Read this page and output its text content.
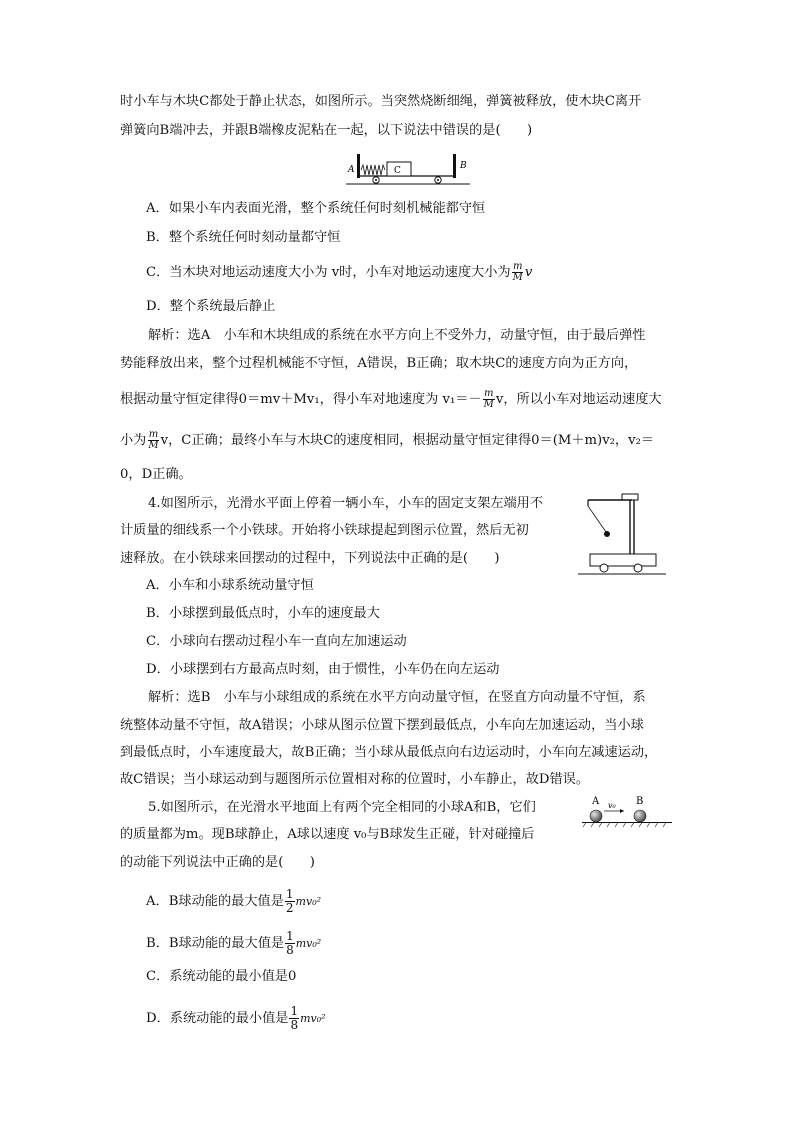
时小车与木块C都处于静止状态，如图所示。当突然烧断细绳，弹簧被释放，使木块C离开
弹簧向B端冲去，并跟B端橡皮泥粘在一起，以下说法中错误的是(　　)
A	C	B
A．如果小车内表面光滑，整个系统任何时刻机械能都守恒
B．整个系统任何时刻动量都守恒
C．当木块对地运动速度大小为 v时，小车对地运动速度大小为 $\frac{m}{M}$ v
D．整个系统最后静止
解析：选A　小车和木块组成的系统在水平方向上不受外力，动量守恒，由于最后弹性
势能释放出来，整个过程机械能不守恒，A错误，B正确；取木块C的速度方向为正方向，
根据动量守恒定律得0＝mv＋Mv₁，得小车对地速度为 $v_1=- \frac{m}{M}$ v，所以小车对地运动速度大
小为 $\frac{m}{M}$ v，C正确；最终小车与木块C的速度相同，根据动量守恒定律得0＝(M＋m)v₂，v₂＝
0，D正确。
4.如图所示，光滑水平面上停着一辆小车，小车的固定支架左端用不
计质量的细线系一个小铁球。开始将小铁球提起到图示位置，然后无初
速释放。在小铁球来回摆动的过程中，下列说法中正确的是(　　)
A．小车和小球系统动量守恒
B．小球摆到最低点时，小车的速度最大
C．小球向右摆动过程小车一直向左加速运动
D．小球摆到右方最高点时刻，由于惯性，小车仍在向左运动
解析：选B　小车与小球组成的系统在水平方向动量守恒，在竖直方向动量不守恒，系
统整体动量不守恒，故A错误；小球从图示位置下摆到最低点，小车向左加速运动，当小球
到最低点时，小车速度最大，故B正确；当小球从最低点向右边运动时，小车向左减速运动，
故C错误；当小球运动到与题图所示位置相对称的位置时，小车静止，故D错误。
5.如图所示，在光滑水平地面上有两个完全相同的小球A和B，它们
的质量都为m。现B球静止，A球以速度 v₀与B球发生正碰，针对碰撞后
的动能下列说法中正确的是(　　)
A	B
v₀
A．B球动能的最大值是 $\frac{1}{2} mv_0^2$
B．B球动能的最大值是 $\frac{1}{8} mv_0^2$
C．系统动能的最小值是0
D．系统动能的最小值是 $\frac{1}{8} mv_0^2$
